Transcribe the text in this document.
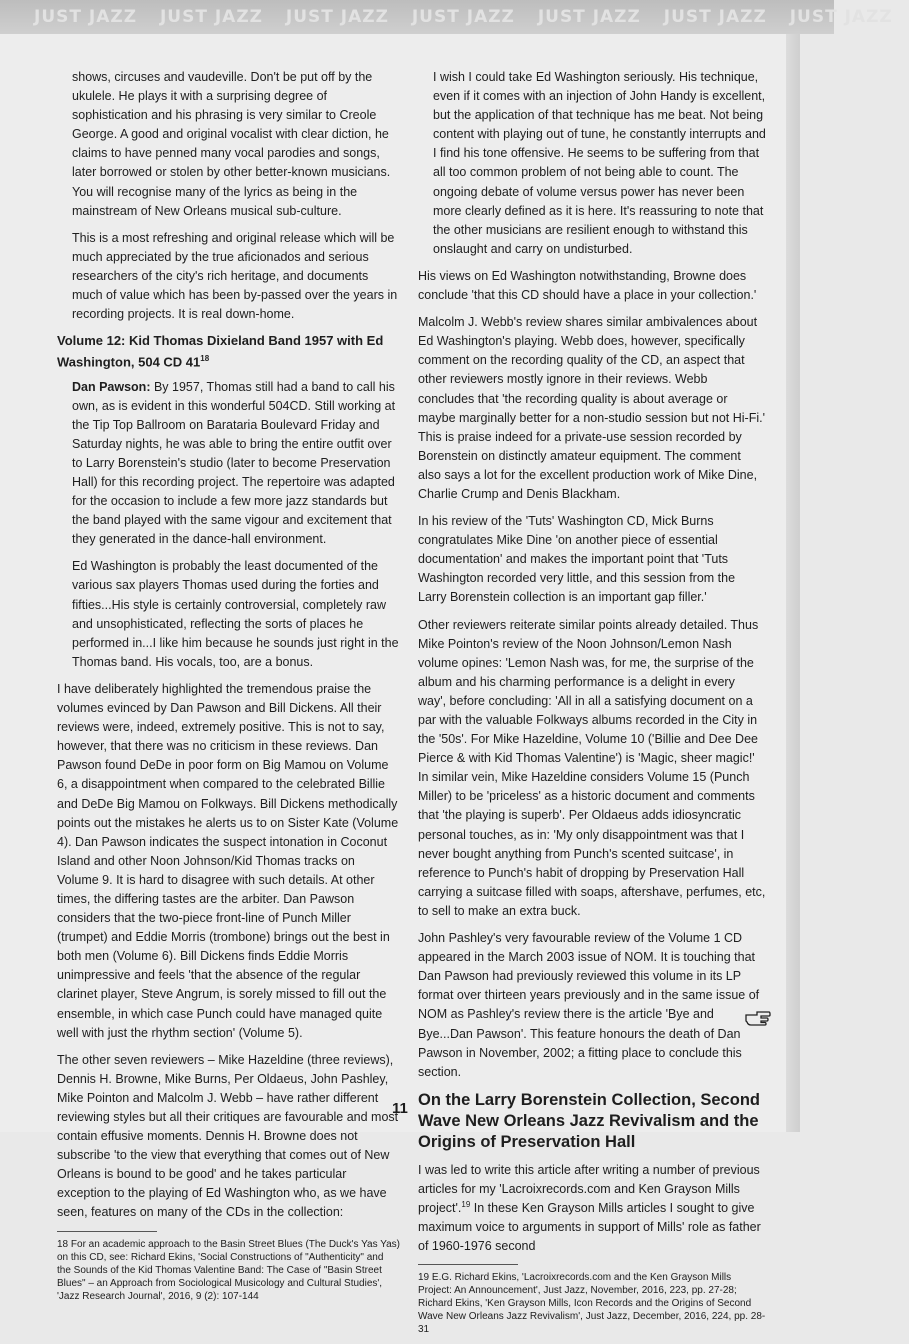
JUST JAZZ JUST JAZZ JUST JAZZ JUST JAZZ JUST JAZZ JUST JAZZ JUST JAZZ

shows, circuses and vaudeville. Don't be put off by the ukulele. He plays it with a surprising degree of sophistication and his phrasing is very similar to Creole George. A good and original vocalist with clear diction, he claims to have penned many vocal parodies and songs, later borrowed or stolen by other better-known musicians. You will recognise many of the lyrics as being in the mainstream of New Orleans musical sub-culture.

This is a most refreshing and original release which will be much appreciated by the true aficionados and serious researchers of the city's rich heritage, and documents much of value which has been by-passed over the years in recording projects. It is real down-home.

Volume 12: Kid Thomas Dixieland Band 1957 with Ed Washington, 504 CD $41^{18}$

Dan Pawson: By 1957, Thomas still had a band to call his own, as is evident in this wonderful 504CD. Still working at the Tip Top Ballroom on Barataria Boulevard Friday and Saturday nights, he was able to bring the entire outfit over to Larry Borenstein's studio (later to become Preservation Hall) for this recording project. The repertoire was adapted for the occasion to include a few more jazz standards but the band played with the same vigour and excitement that they generated in the dance-hall environment.

Ed Washington is probably the least documented of the various sax players Thomas used during the forties and fifties...His style is certainly controversial, completely raw and unsophisticated, reflecting the sorts of places he performed in...I like him because he sounds just right in the Thomas band. His vocals, too, are a bonus.

I have deliberately highlighted the tremendous praise the volumes evinced by Dan Pawson and Bill Dickens. All their reviews were, indeed, extremely positive. This is not to say, however, that there was no criticism in these reviews. Dan Pawson found DeDe in poor form on Big Mamou on Volume 6, a disappointment when compared to the celebrated Billie and DeDe Big Mamou on Folkways. Bill Dickens methodically points out the mistakes he alerts us to on Sister Kate (Volume 4). Dan Pawson indicates the suspect intonation in Coconut Island and other Noon Johnson/Kid Thomas tracks on Volume 9. It is hard to disagree with such details. At other times, the differing tastes are the arbiter. Dan Pawson considers that the two-piece front-line of Punch Miller (trumpet) and Eddie Morris (trombone) brings out the best in both men (Volume 6). Bill Dickens finds Eddie Morris unimpressive and feels 'that the absence of the regular clarinet player, Steve Angrum, is sorely missed to fill out the ensemble, in which case Punch could have managed quite well with just the rhythm section' (Volume 5).

The other seven reviewers – Mike Hazeldine (three reviews), Dennis H. Browne, Mike Burns, Per Oldaeus, John Pashley, Mike Pointon and Malcolm J. Webb – have rather different reviewing styles but all their critiques are favourable and most contain effusive moments. Dennis H. Browne does not subscribe 'to the view that everything that comes out of New Orleans is bound to be good' and he takes particular exception to the playing of Ed Washington who, as we have seen, features on many of the CDs in the collection:

18 For an academic approach to the Basin Street Blues (The Duck's Yas Yas) on this CD, see: Richard Ekins, 'Social Constructions of "Authenticity" and the Sounds of the Kid Thomas Valentine Band: The Case of "Basin Street Blues" – an Approach from Sociological Musicology and Cultural Studies', 'Jazz Research Journal', 2016, 9 (2): 107-144

I wish I could take Ed Washington seriously. His technique, even if it comes with an injection of John Handy is excellent, but the application of that technique has me beat. Not being content with playing out of tune, he constantly interrupts and I find his tone offensive. He seems to be suffering from that all too common problem of not being able to count. The ongoing debate of volume versus power has never been more clearly defined as it is here. It's reassuring to note that the other musicians are resilient enough to withstand this onslaught and carry on undisturbed.

His views on Ed Washington notwithstanding, Browne does conclude 'that this CD should have a place in your collection.'

Malcolm J. Webb's review shares similar ambivalences about Ed Washington's playing. Webb does, however, specifically comment on the recording quality of the CD, an aspect that other reviewers mostly ignore in their reviews. Webb concludes that 'the recording quality is about average or maybe marginally better for a non-studio session but not Hi-Fi.' This is praise indeed for a private-use session recorded by Borenstein on distinctly amateur equipment. The comment also says a lot for the excellent production work of Mike Dine, Charlie Crump and Denis Blackham.

In his review of the 'Tuts' Washington CD, Mick Burns congratulates Mike Dine 'on another piece of essential documentation' and makes the important point that 'Tuts Washington recorded very little, and this session from the Larry Borenstein collection is an important gap filler.'

Other reviewers reiterate similar points already detailed. Thus Mike Pointon's review of the Noon Johnson/Lemon Nash volume opines: 'Lemon Nash was, for me, the surprise of the album and his charming performance is a delight in every way', before concluding: 'All in all a satisfying document on a par with the valuable Folkways albums recorded in the City in the '50s'. For Mike Hazeldine, Volume 10 ('Billie and Dee Dee Pierce & with Kid Thomas Valentine') is 'Magic, sheer magic!' In similar vein, Mike Hazeldine considers Volume 15 (Punch Miller) to be 'priceless' as a historic document and comments that 'the playing is superb'. Per Oldaeus adds idiosyncratic personal touches, as in: 'My only disappointment was that I never bought anything from Punch's scented suitcase', in reference to Punch's habit of dropping by Preservation Hall carrying a suitcase filled with soaps, aftershave, perfumes, etc, to sell to make an extra buck.

John Pashley's very favourable review of the Volume 1 CD appeared in the March 2003 issue of NOM. It is touching that Dan Pawson had previously reviewed this volume in its LP format over thirteen years previously and in the same issue of NOM as Pashley's review there is the article 'Bye and Bye...Dan Pawson'. This feature honours the death of Dan Pawson in November, 2002; a fitting place to conclude this section.

On the Larry Borenstein Collection, Second Wave New Orleans Jazz Revivalism and the Origins of Preservation Hall

I was led to write this article after writing a number of previous articles for my 'Lacroixrecords.com and Ken Grayson Mills project'.$^{19}$ In these Ken Grayson Mills articles I sought to give maximum voice to arguments in support of Mills' role as father of 1960-1976 second

19 E.G. Richard Ekins, 'Lacroixrecords.com and the Ken Grayson Mills Project: An Announcement', Just Jazz, November, 2016, 223, pp. 27-28; Richard Ekins, 'Ken Grayson Mills, Icon Records and the Origins of Second Wave New Orleans Jazz Revivalism', Just Jazz, December, 2016, 224, pp. 28-31

11
